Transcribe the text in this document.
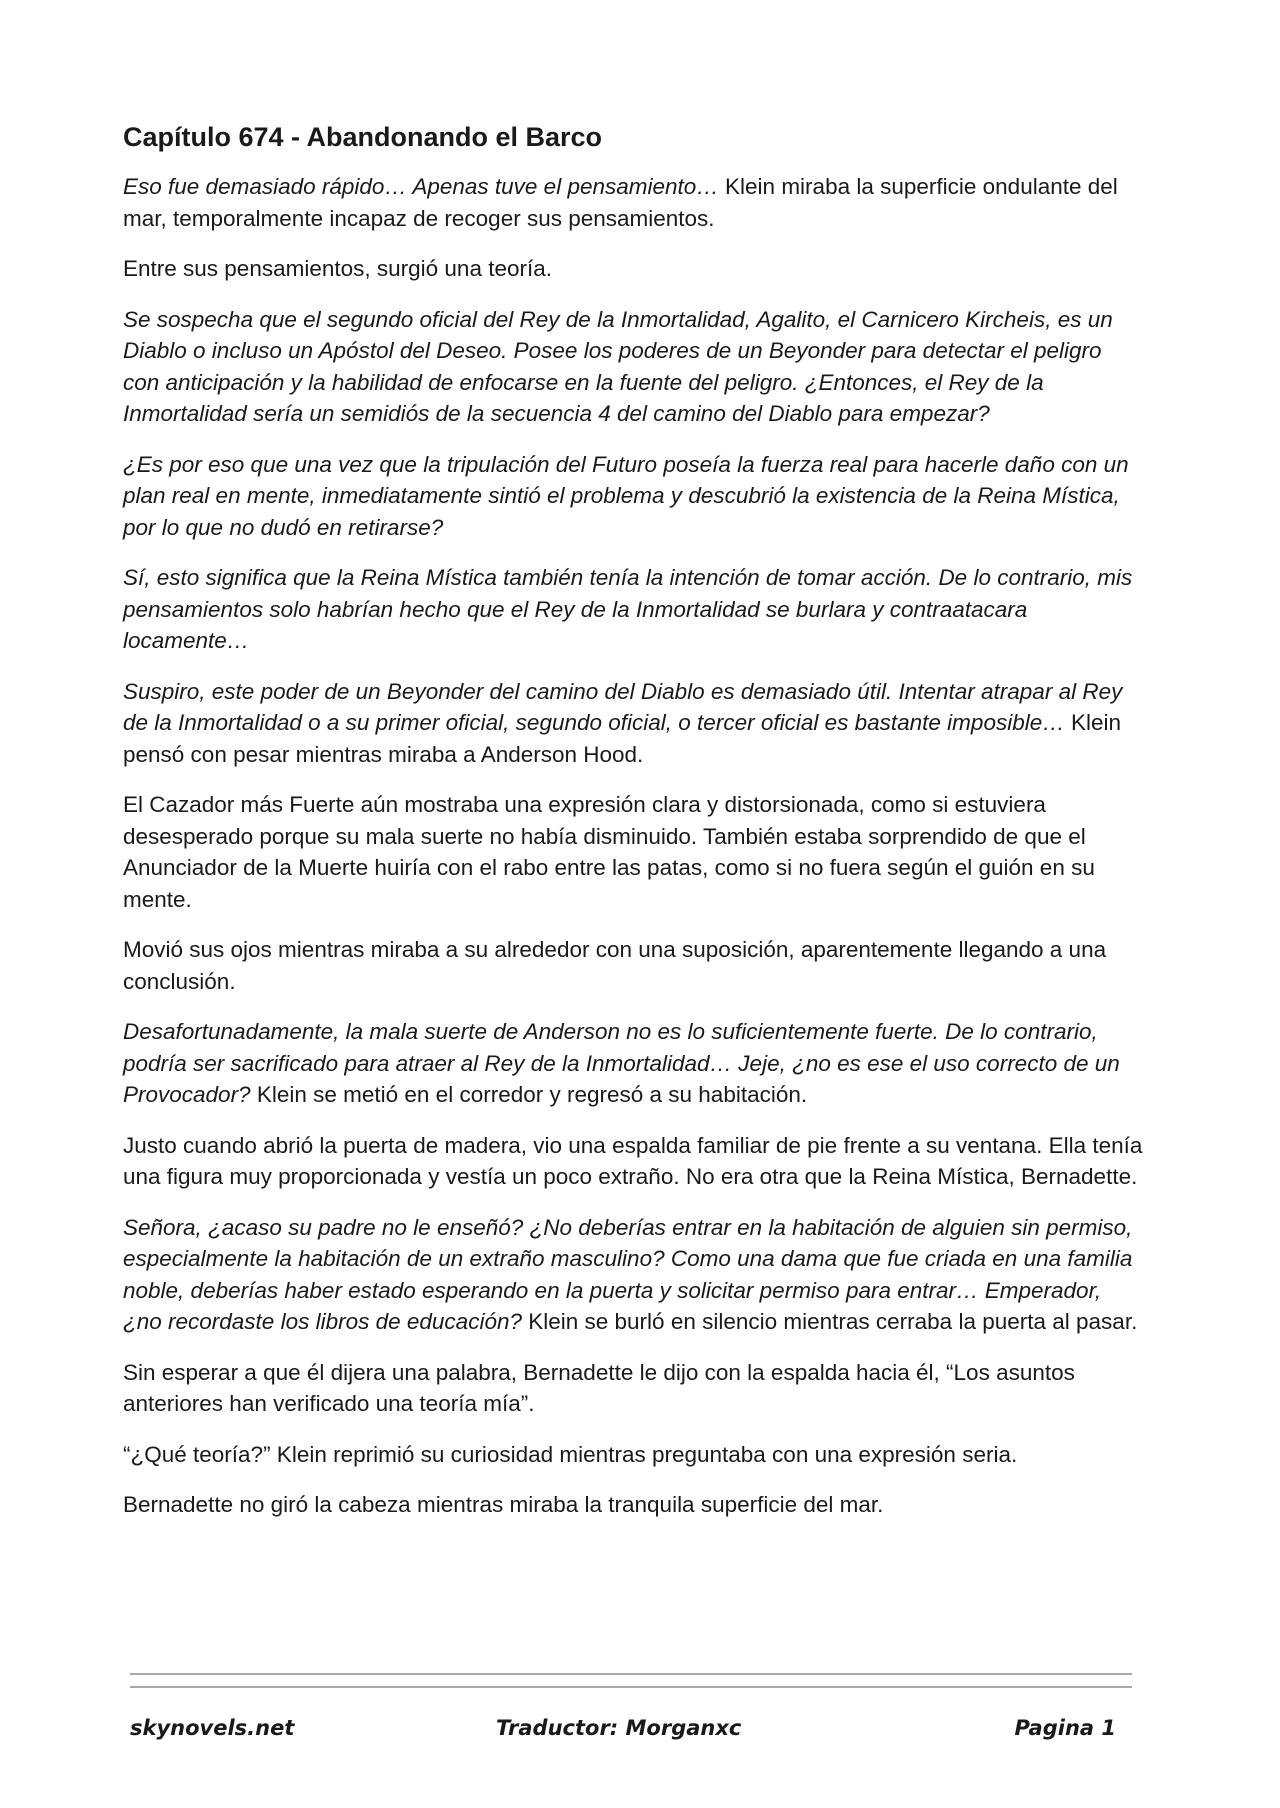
Capítulo 674 - Abandonando el Barco

Eso fue demasiado rápido… Apenas tuve el pensamiento… Klein miraba la superficie ondulante del mar, temporalmente incapaz de recoger sus pensamientos.

Entre sus pensamientos, surgió una teoría.

Se sospecha que el segundo oficial del Rey de la Inmortalidad, Agalito, el Carnicero Kircheis, es un Diablo o incluso un Apóstol del Deseo. Posee los poderes de un Beyonder para detectar el peligro con anticipación y la habilidad de enfocarse en la fuente del peligro. ¿Entonces, el Rey de la Inmortalidad sería un semidiós de la secuencia 4 del camino del Diablo para empezar?

¿Es por eso que una vez que la tripulación del Futuro poseía la fuerza real para hacerle daño con un plan real en mente, inmediatamente sintió el problema y descubrió la existencia de la Reina Mística, por lo que no dudó en retirarse?

Sí, esto significa que la Reina Mística también tenía la intención de tomar acción. De lo contrario, mis pensamientos solo habrían hecho que el Rey de la Inmortalidad se burlara y contraatacara locamente…

Suspiro, este poder de un Beyonder del camino del Diablo es demasiado útil. Intentar atrapar al Rey de la Inmortalidad o a su primer oficial, segundo oficial, o tercer oficial es bastante imposible… Klein pensó con pesar mientras miraba a Anderson Hood.

El Cazador más Fuerte aún mostraba una expresión clara y distorsionada, como si estuviera desesperado porque su mala suerte no había disminuido. También estaba sorprendido de que el Anunciador de la Muerte huiría con el rabo entre las patas, como si no fuera según el guión en su mente.

Movió sus ojos mientras miraba a su alrededor con una suposición, aparentemente llegando a una conclusión.

Desafortunadamente, la mala suerte de Anderson no es lo suficientemente fuerte. De lo contrario, podría ser sacrificado para atraer al Rey de la Inmortalidad… Jeje, ¿no es ese el uso correcto de un Provocador? Klein se metió en el corredor y regresó a su habitación.

Justo cuando abrió la puerta de madera, vio una espalda familiar de pie frente a su ventana. Ella tenía una figura muy proporcionada y vestía un poco extraño. No era otra que la Reina Mística, Bernadette.

Señora, ¿acaso su padre no le enseñó? ¿No deberías entrar en la habitación de alguien sin permiso, especialmente la habitación de un extraño masculino? Como una dama que fue criada en una familia noble, deberías haber estado esperando en la puerta y solicitar permiso para entrar… Emperador, ¿no recordaste los libros de educación? Klein se burló en silencio mientras cerraba la puerta al pasar.

Sin esperar a que él dijera una palabra, Bernadette le dijo con la espalda hacia él, “Los asuntos anteriores han verificado una teoría mía”.

“¿Qué teoría?” Klein reprimió su curiosidad mientras preguntaba con una expresión seria.

Bernadette no giró la cabeza mientras miraba la tranquila superficie del mar.

skynovels.net	Traductor: Morganxc	Pagina 1
